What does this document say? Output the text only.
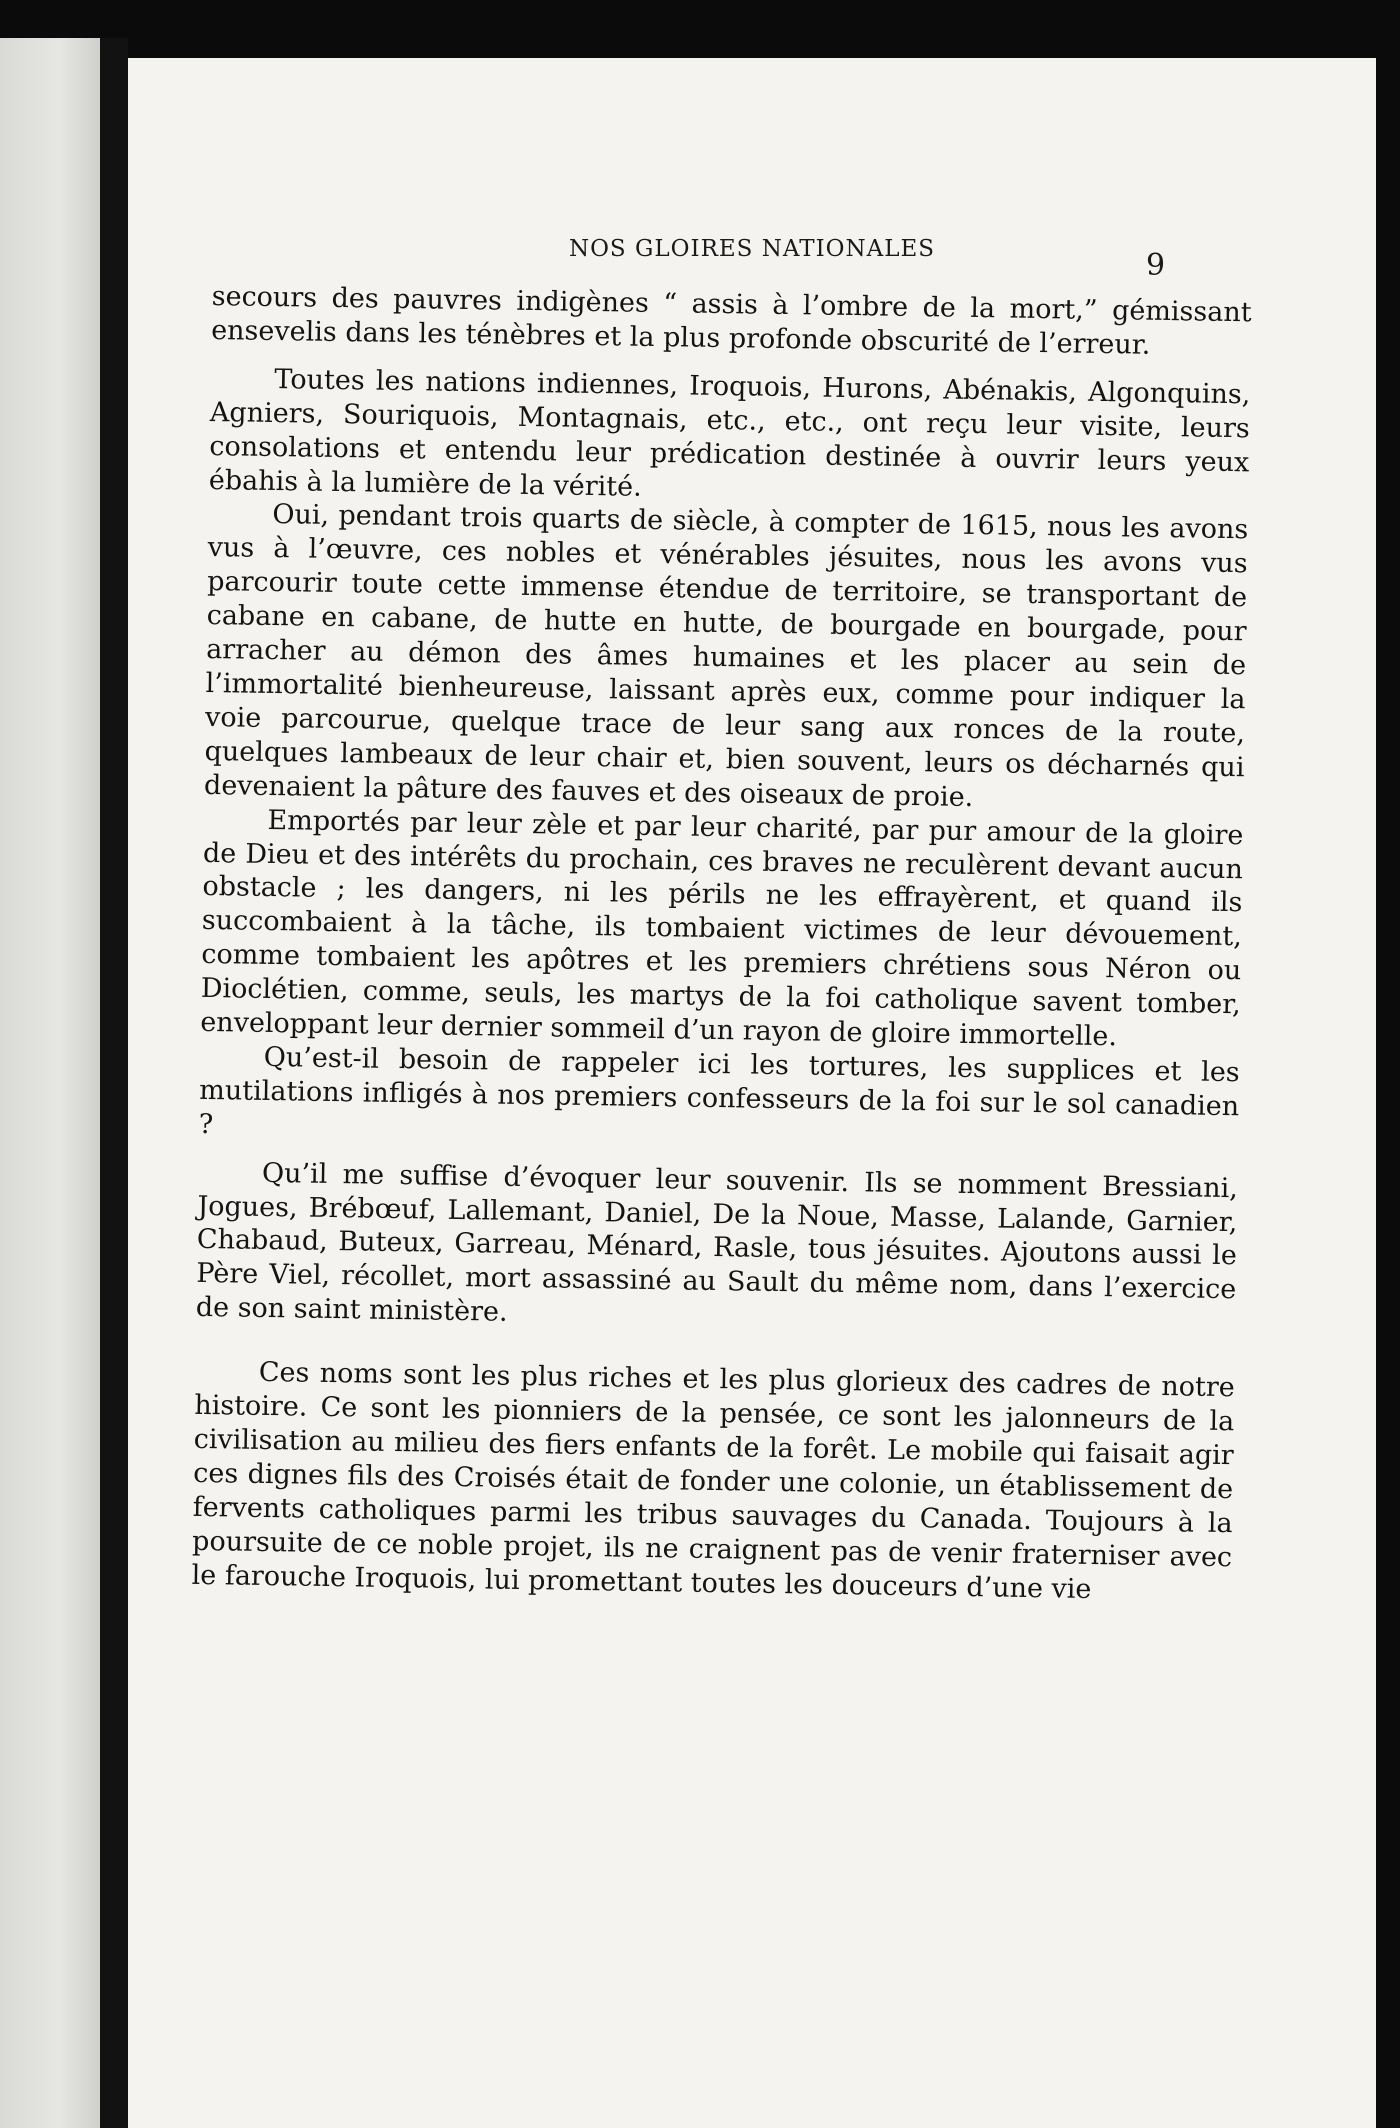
NOS GLOIRES NATIONALES	9

secours des pauvres indigènes “ assis à l’ombre de la mort,” gémissant ensevelis dans les ténèbres et la plus profonde obscurité de l’erreur.

Toutes les nations indiennes, Iroquois, Hurons, Abénakis, Algonquins, Agniers, Souriquois, Montagnais, etc., etc., ont reçu leur visite, leurs consolations et entendu leur prédication destinée à ouvrir leurs yeux ébahis à la lumière de la vérité.

Oui, pendant trois quarts de siècle, à compter de 1615, nous les avons vus à l’œuvre, ces nobles et vénérables jésuites, nous les avons vus parcourir toute cette immense étendue de territoire, se transportant de cabane en cabane, de hutte en hutte, de bourgade en bourgade, pour arracher au démon des âmes humaines et les placer au sein de l’immortalité bienheureuse, laissant après eux, comme pour indiquer la voie parcourue, quelque trace de leur sang aux ronces de la route, quelques lambeaux de leur chair et, bien souvent, leurs os décharnés qui devenaient la pâture des fauves et des oiseaux de proie.

Emportés par leur zèle et par leur charité, par pur amour de la gloire de Dieu et des intérêts du prochain, ces braves ne reculèrent devant aucun obstacle ; les dangers, ni les périls ne les effrayèrent, et quand ils succombaient à la tâche, ils tombaient victimes de leur dévouement, comme tombaient les apôtres et les premiers chrétiens sous Néron ou Dioclétien, comme, seuls, les martys de la foi catholique savent tomber, enveloppant leur dernier sommeil d’un rayon de gloire immortelle.

Qu’est-il besoin de rappeler ici les tortures, les supplices et les mutilations infligés à nos premiers confesseurs de la foi sur le sol canadien ?

Qu’il me suffise d’évoquer leur souvenir. Ils se nomment Bressiani, Jogues, Brébœuf, Lallemant, Daniel, De la Noue, Masse, Lalande, Garnier, Chabaud, Buteux, Garreau, Ménard, Rasle, tous jésuites. Ajoutons aussi le Père Viel, récollet, mort assassiné au Sault du même nom, dans l’exercice de son saint ministère.

Ces noms sont les plus riches et les plus glorieux des cadres de notre histoire. Ce sont les pionniers de la pensée, ce sont les jalonneurs de la civilisation au milieu des fiers enfants de la forêt. Le mobile qui faisait agir ces dignes fils des Croisés était de fonder une colonie, un établissement de fervents catholiques parmi les tribus sauvages du Canada. Toujours à la poursuite de ce noble projet, ils ne craignent pas de venir fraterniser avec le farouche Iroquois, lui promettant toutes les douceurs d’une vie
